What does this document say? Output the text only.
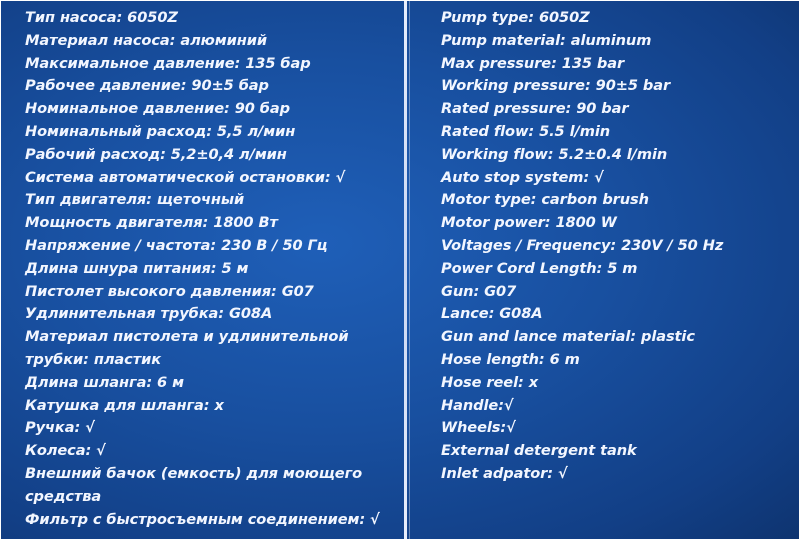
Тип насоса: 6050Z

Материал насоса: алюминий

Максимальное давление: 135 бар

Рабочее давление: 90±5 бар

Номинальное давление: 90 бар

Номинальный расход: 5,5 л/мин

Рабочий расход: 5,2±0,4 л/мин

Система автоматической остановки: √

Тип двигателя: щеточный

Мощность двигателя: 1800 Вт

Напряжение / частота: 230 В / 50 Гц

Длина шнура питания: 5 м

Пистолет высокого давления: G07

Удлинительная трубка: G08A

Материал пистолета и удлинительной

трубки: пластик

Длина шланга: 6 м

Катушка для шланга: х

Ручка: √

Колеса: √

Внешний бачок (емкость) для моющего

средства

Фильтр с быстросъемным соединением: √

Pump type: 6050Z

Pump material: aluminum

Max pressure: 135 bar

Working pressure: 90±5 bar

Rated pressure: 90 bar

Rated flow: 5.5 l/min

Working flow: 5.2±0.4 l/min

Auto stop system: √

Motor type: carbon brush

Motor power: 1800 W

Voltages / Frequency: 230V / 50 Hz

Power Cord Length: 5 m

Gun: G07

Lance: G08A

Gun and lance material: plastic

Hose length: 6 m

Hose reel: x

Handle:√

Wheels:√

External detergent tank

Inlet adpator: √
